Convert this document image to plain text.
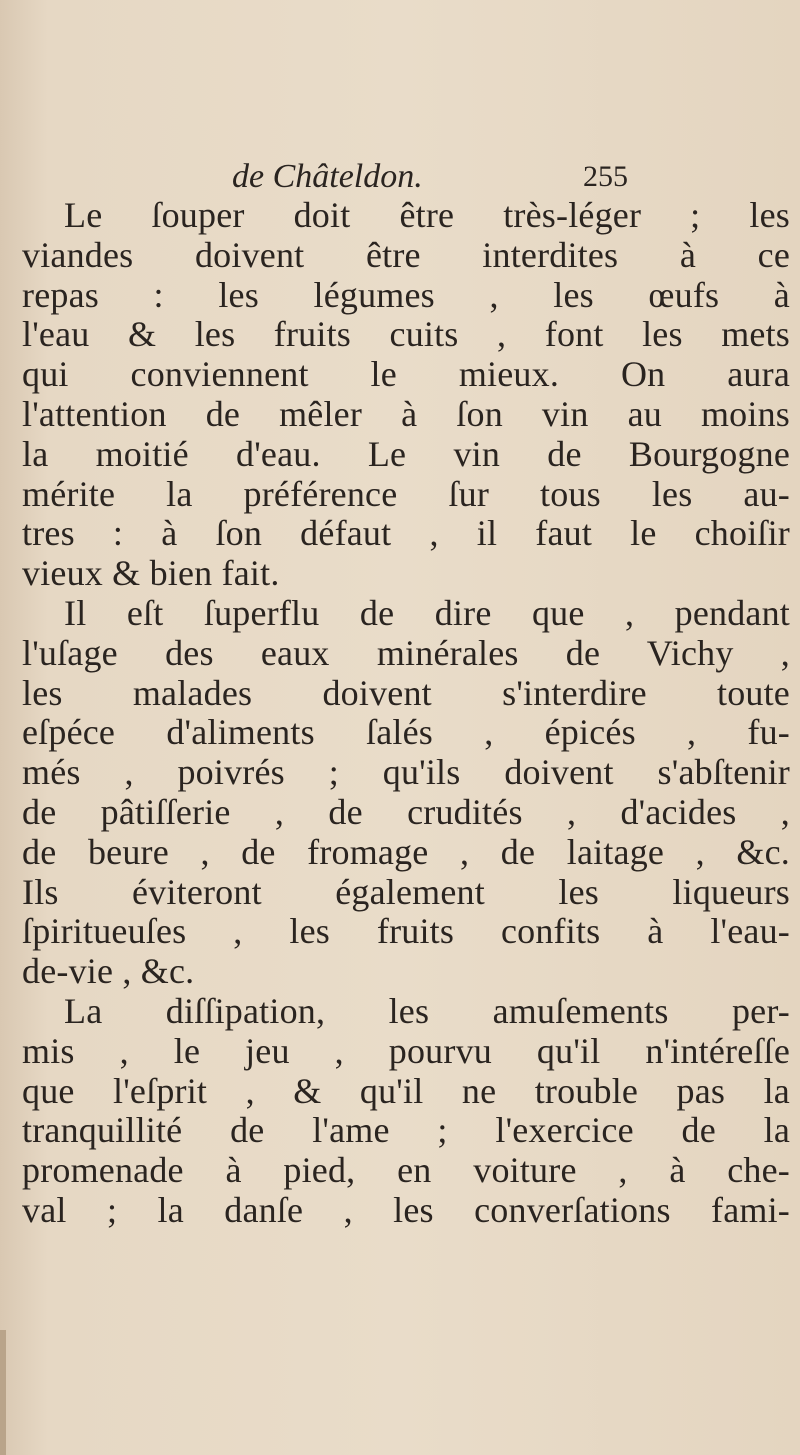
de Châteldon.	255
Le ſouper doit être très-léger ; les
viandes doivent être interdites à ce
repas : les légumes , les œufs à
l'eau & les fruits cuits , font les mets
qui conviennent le mieux. On aura
l'attention de mêler à ſon vin au moins
la moitié d'eau. Le vin de Bourgogne
mérite la préférence ſur tous les au-
tres : à ſon défaut , il faut le choiſir
vieux & bien fait.
Il eſt ſuperflu de dire que , pendant
l'uſage des eaux minérales de Vichy ,
les malades doivent s'interdire toute
eſpéce d'aliments ſalés , épicés , fu-
més , poivrés ; qu'ils doivent s'abſtenir
de pâtiſſerie , de crudités , d'acides ,
de beure , de fromage , de laitage , &c.
Ils éviteront également les liqueurs
ſpiritueuſes , les fruits confits à l'eau-
de-vie , &c.
La diſſipation, les amuſements per-
mis , le jeu , pourvu qu'il n'intéreſſe
que l'eſprit , & qu'il ne trouble pas la
tranquillité de l'ame ; l'exercice de la
promenade à pied, en voiture , à che-
val ; la danſe , les converſations fami-
